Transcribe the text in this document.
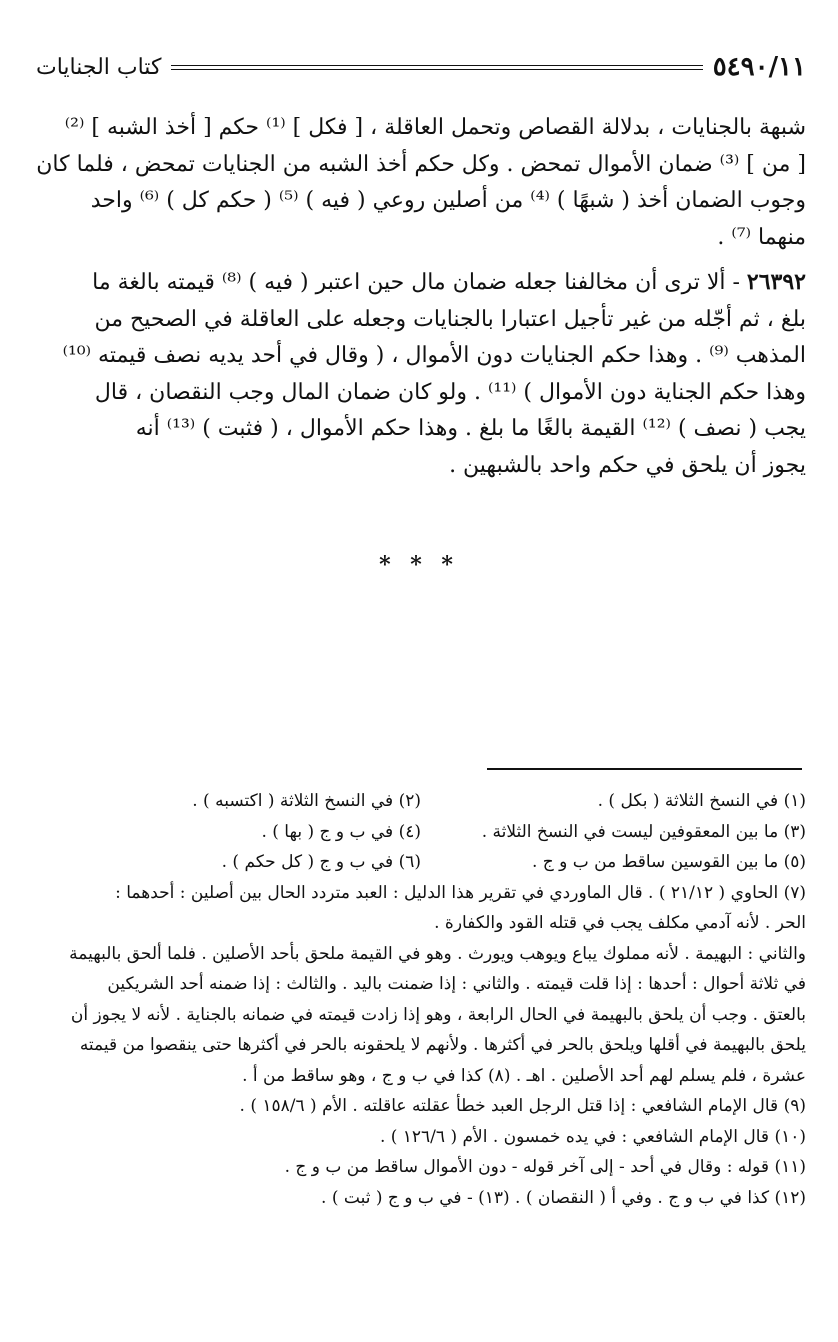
٥٤٩٠/١١
كتاب الجنايات

شبهة بالجنايات ، بدلالة القصاص وتحمل العاقلة ، [ فكل ] ⁽¹⁾ حكم [ أخذ الشبه ] ⁽²⁾
[ من ] ⁽³⁾ ضمان الأموال تمحض . وكل حكم أخذ الشبه من الجنايات تمحض ، فلما كان
وجوب الضمان أخذ ( شبهًا ) ⁽⁴⁾ من أصلين روعي ( فيه ) ⁽⁵⁾ ( حكم كل ) ⁽⁶⁾ واحد
منهما ⁽⁷⁾ .

٢٦٣٩٢ - ألا ترى أن مخالفنا جعله ضمان مال حين اعتبر ( فيه ) ⁽⁸⁾ قيمته بالغة ما
بلغ ، ثم أجّله من غير تأجيل اعتبارا بالجنايات وجعله على العاقلة في الصحيح من
المذهب ⁽⁹⁾ . وهذا حكم الجنايات دون الأموال ، ( وقال في أحد يديه نصف قيمته ⁽¹⁰⁾
وهذا حكم الجناية دون الأموال ) ⁽¹¹⁾ . ولو كان ضمان المال وجب النقصان ، قال
يجب ( نصف ) ⁽¹²⁾ القيمة بالغًا ما بلغ . وهذا حكم الأموال ، ( فثبت ) ⁽¹³⁾ أنه
يجوز أن يلحق في حكم واحد بالشبهين .

* * *
(١) في النسخ الثلاثة ( بكل ) .
(٢) في النسخ الثلاثة ( اكتسبه ) .
(٣) ما بين المعقوفين ليست في النسخ الثلاثة .
(٤) في ب و ج ( بها ) .
(٥) ما بين القوسين ساقط من ب و ج .
(٦) في ب و ج ( كل حكم ) .
(٧) الحاوي ( ٢١/١٢ ) . قال الماوردي في تقرير هذا الدليل : العبد متردد الحال بين أصلين : أحدهما :
الحر . لأنه آدمي مكلف يجب في قتله القود والكفارة .
والثاني : البهيمة . لأنه مملوك يباع ويوهب ويورث . وهو في القيمة ملحق بأحد الأصلين . فلما ألحق بالبهيمة
في ثلاثة أحوال : أحدها : إذا قلت قيمته . والثاني : إذا ضمنت باليد . والثالث : إذا ضمنه أحد الشريكين
بالعتق . وجب أن يلحق بالبهيمة في الحال الرابعة ، وهو إذا زادت قيمته في ضمانه بالجناية . لأنه لا يجوز أن
يلحق بالبهيمة في أقلها ويلحق بالحر في أكثرها . ولأنهم لا يلحقونه بالحر في أكثرها حتى ينقصوا من قيمته
عشرة ، فلم يسلم لهم أحد الأصلين . اهـ . (٨) كذا في ب و ج ، وهو ساقط من أ .
(٩) قال الإمام الشافعي : إذا قتل الرجل العبد خطأ عقلته عاقلته . الأم ( ١٥٨/٦ ) .
(١٠) قال الإمام الشافعي : في يده خمسون . الأم ( ١٢٦/٦ ) .
(١١) قوله : وقال في أحد - إلى آخر قوله - دون الأموال ساقط من ب و ج .
(١٢) كذا في ب و ج . وفي أ ( النقصان ) . (١٣) - في ب و ج ( ثبت ) .
